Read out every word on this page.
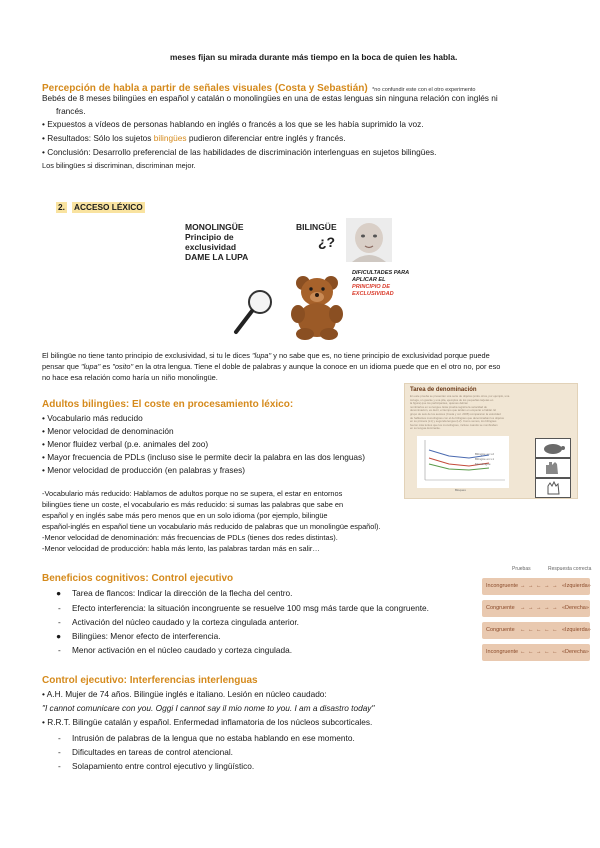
meses fijan su mirada durante más tiempo en la boca de quien les habla.
Percepción de habla a partir de señales visuales (Costa y Sebastián) *no confundir este con el otro experimento
Bebés de 8 meses bilingües en español y catalán o monolingües en una de estas lenguas sin ninguna relación con inglés ni
francés.
• Expuestos a vídeos de personas hablando en inglés o francés a los que se les había suprimido la voz.
• Resultados: Sólo los sujetos bilingües pudieron diferenciar entre inglés y francés.
• Conclusión: Desarrollo preferencial de las habilidades de discriminación interlenguas en sujetos bilingües.
Los bilingües si discriminan, discriminan mejor.
2. ACCESO LÉXICO
MONOLINGÜE
Principio de
exclusividad
DAME LA LUPA
BILINGÜE
¿?
DIFICULTADES PARA
APLICAR EL
PRINCIPIO DE
EXCLUSIVIDAD
El bilingüe no tiene tanto principio de exclusividad, si tu le dices "lupa" y no sabe que es, no tiene principio de exclusividad porque puede
pensar que "lupa" es "osito" en la otra lengua. Tiene el doble de palabras y aunque la conoce en un idioma puede que en el otro no, por eso
no hace esa relación como haría un niño monolingüe.
Adultos bilingües: El coste en procesamiento léxico:
• Vocabulario más reducido
• Menor velocidad de denominación
• Menor fluidez verbal (p.e. animales del zoo)
• Mayor frecuencia de PDLs (incluso sise le permite decir la palabra en las dos lenguas)
• Menor velocidad de producción (en palabras y frases)
-Vocabulario más reducido: Hablamos de adultos porque no se supera, el estar en entornos
bilingües tiene un coste, el vocabulario es más reducido: si sumas las palabras que sabe en
español y en inglés sabe más pero menos que en un solo idioma (por ejemplo, bilingüe
español-inglés en español tiene un vocabulario más reducido de palabras que un monolingüe español).
-Menor velocidad de denominación: más frecuencias de PDLs (tienes dos redes distintas).
-Menor velocidad de producción: habla más lento, las palabras tardan más en salir…
Tarea de denominación
En este prueba se presentan una serie de objetos (entre otros, por ejemplo, una
tortuga, un guante y una pila, ejemplos de los pequeñas tarjetas en
la figura) que los participantes, quienes debían
nombrarlos en su lengua. Esta prueba registra la velocidad de
denominación, es decir, el tiempo que tardan en empezar a hablar. El
grupo de seis de los autores (Costa y col. 2008) compararon la velocidad
de hablantes monolingües con el de bilingües que denominaban los objetos
en su primera (L1) y segunda lengua (L2). Como vemos, los bilingües
fueron más lentos que los monolingües, incluso cuando se nombraban
en su lengua dominante.
Bilingüe en L2
Bilingüe en L1
Monolingüe
Bloques
Beneficios cognitivos: Control ejecutivo
● Tarea de flancos: Indicar la dirección de la flecha del centro.
- Efecto interferencia: la situación incongruente se resuelve 100 msg más tarde que la congruente.
- Activación del núcleo caudado y la corteza cingulada anterior.
● Bilingües: Menor efecto de interferencia.
- Menor activación en el núcleo caudado y corteza cingulada.
Pruebas	Respuesta correcta
Incongruente → → ← → → «Izquierda»
Congruente → → → → → «Derecha»
Congruente ← ← ← ← ← «Izquierda»
Incongruente ← ← → ← ← «Derecha»
Control ejecutivo: Interferencias interlenguas
• A.H. Mujer de 74 años. Bilingüe inglés e italiano. Lesión en núcleo caudado:
"I cannot comunicare con you. Oggi I cannot say il mio nome to you. I am a disastro today"
• R.R.T. Bilingüe catalán y español. Enfermedad inflamatoria de los núcleos subcorticales.
- Intrusión de palabras de la lengua que no estaba hablando en ese momento.
- Dificultades en tareas de control atencional.
- Solapamiento entre control ejecutivo y lingüístico.
